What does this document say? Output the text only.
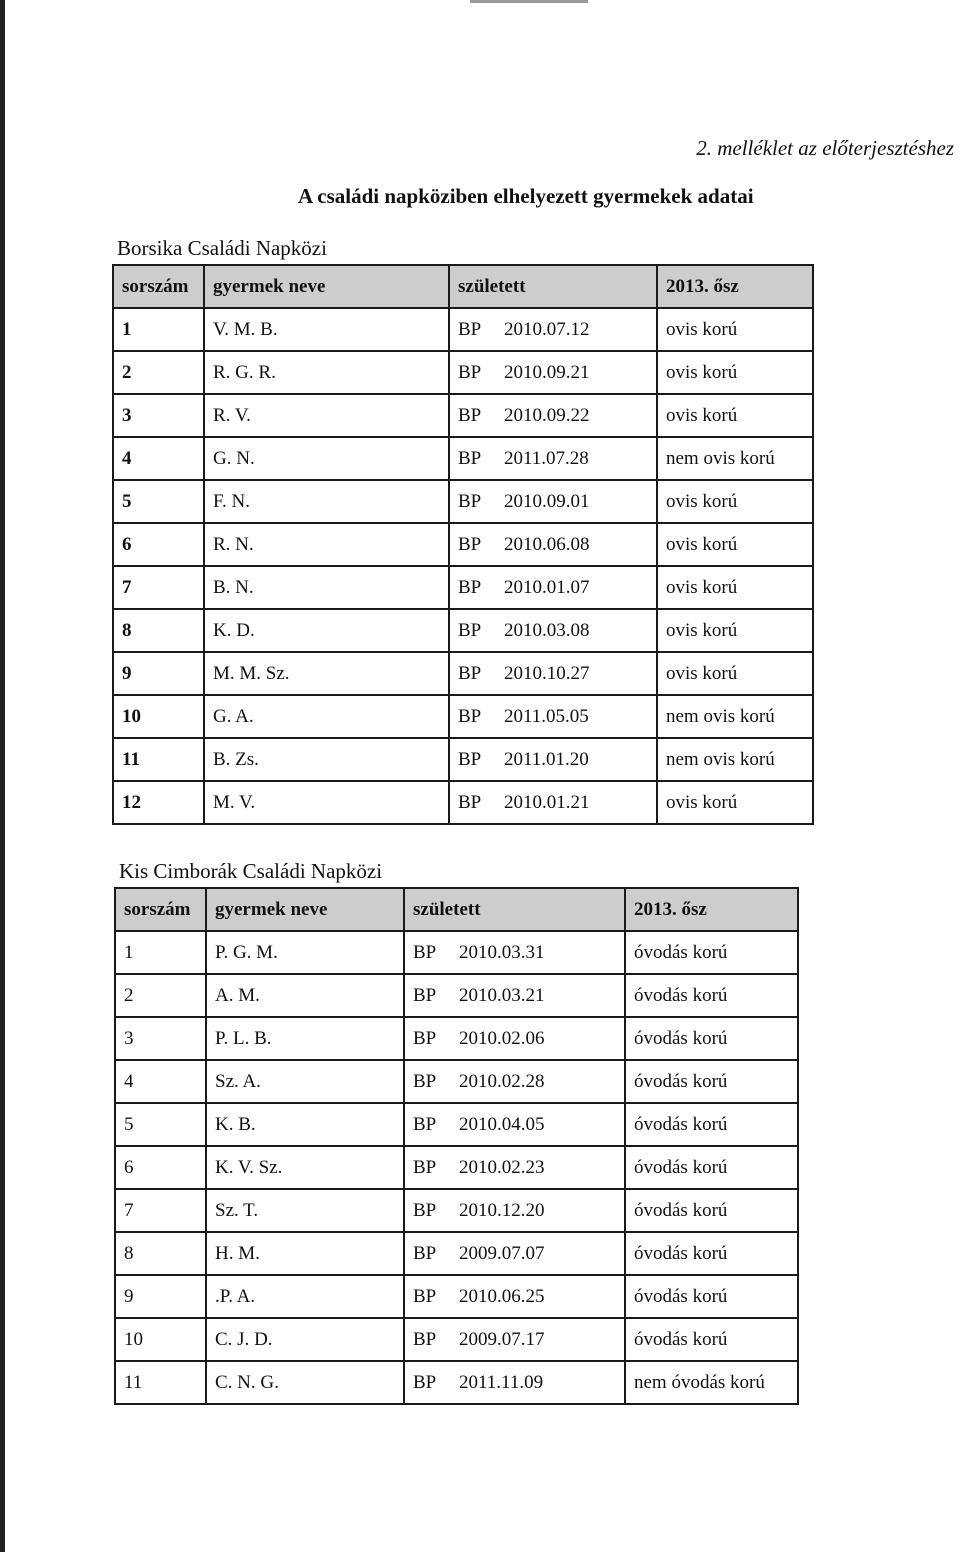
2. melléklet az előterjesztéshez
A családi napköziben elhelyezett gyermekek adatai
Borsika Családi Napközi
sorszám	gyermek neve	született	2013. ősz
1	V. M. B.	BP 2010.07.12	ovis korú
2	R. G. R.	BP 2010.09.21	ovis korú
3	R. V.	BP 2010.09.22	ovis korú
4	G. N.	BP 2011.07.28	nem ovis korú
5	F. N.	BP 2010.09.01	ovis korú
6	R. N.	BP 2010.06.08	ovis korú
7	B. N.	BP 2010.01.07	ovis korú
8	K. D.	BP 2010.03.08	ovis korú
9	M. M. Sz.	BP 2010.10.27	ovis korú
10	G. A.	BP 2011.05.05	nem ovis korú
11	B. Zs.	BP 2011.01.20	nem ovis korú
12	M. V.	BP 2010.01.21	ovis korú
Kis Cimborák Családi Napközi
sorszám	gyermek neve	született	2013. ősz
1	P. G. M.	BP 2010.03.31	óvodás korú
2	A. M.	BP 2010.03.21	óvodás korú
3	P. L. B.	BP 2010.02.06	óvodás korú
4	Sz. A.	BP 2010.02.28	óvodás korú
5	K. B.	BP 2010.04.05	óvodás korú
6	K. V. Sz.	BP 2010.02.23	óvodás korú
7	Sz. T.	BP 2010.12.20	óvodás korú
8	H. M.	BP 2009.07.07	óvodás korú
9	.P. A.	BP 2010.06.25	óvodás korú
10	C. J. D.	BP 2009.07.17	óvodás korú
11	C. N. G.	BP 2011.11.09	nem óvodás korú
